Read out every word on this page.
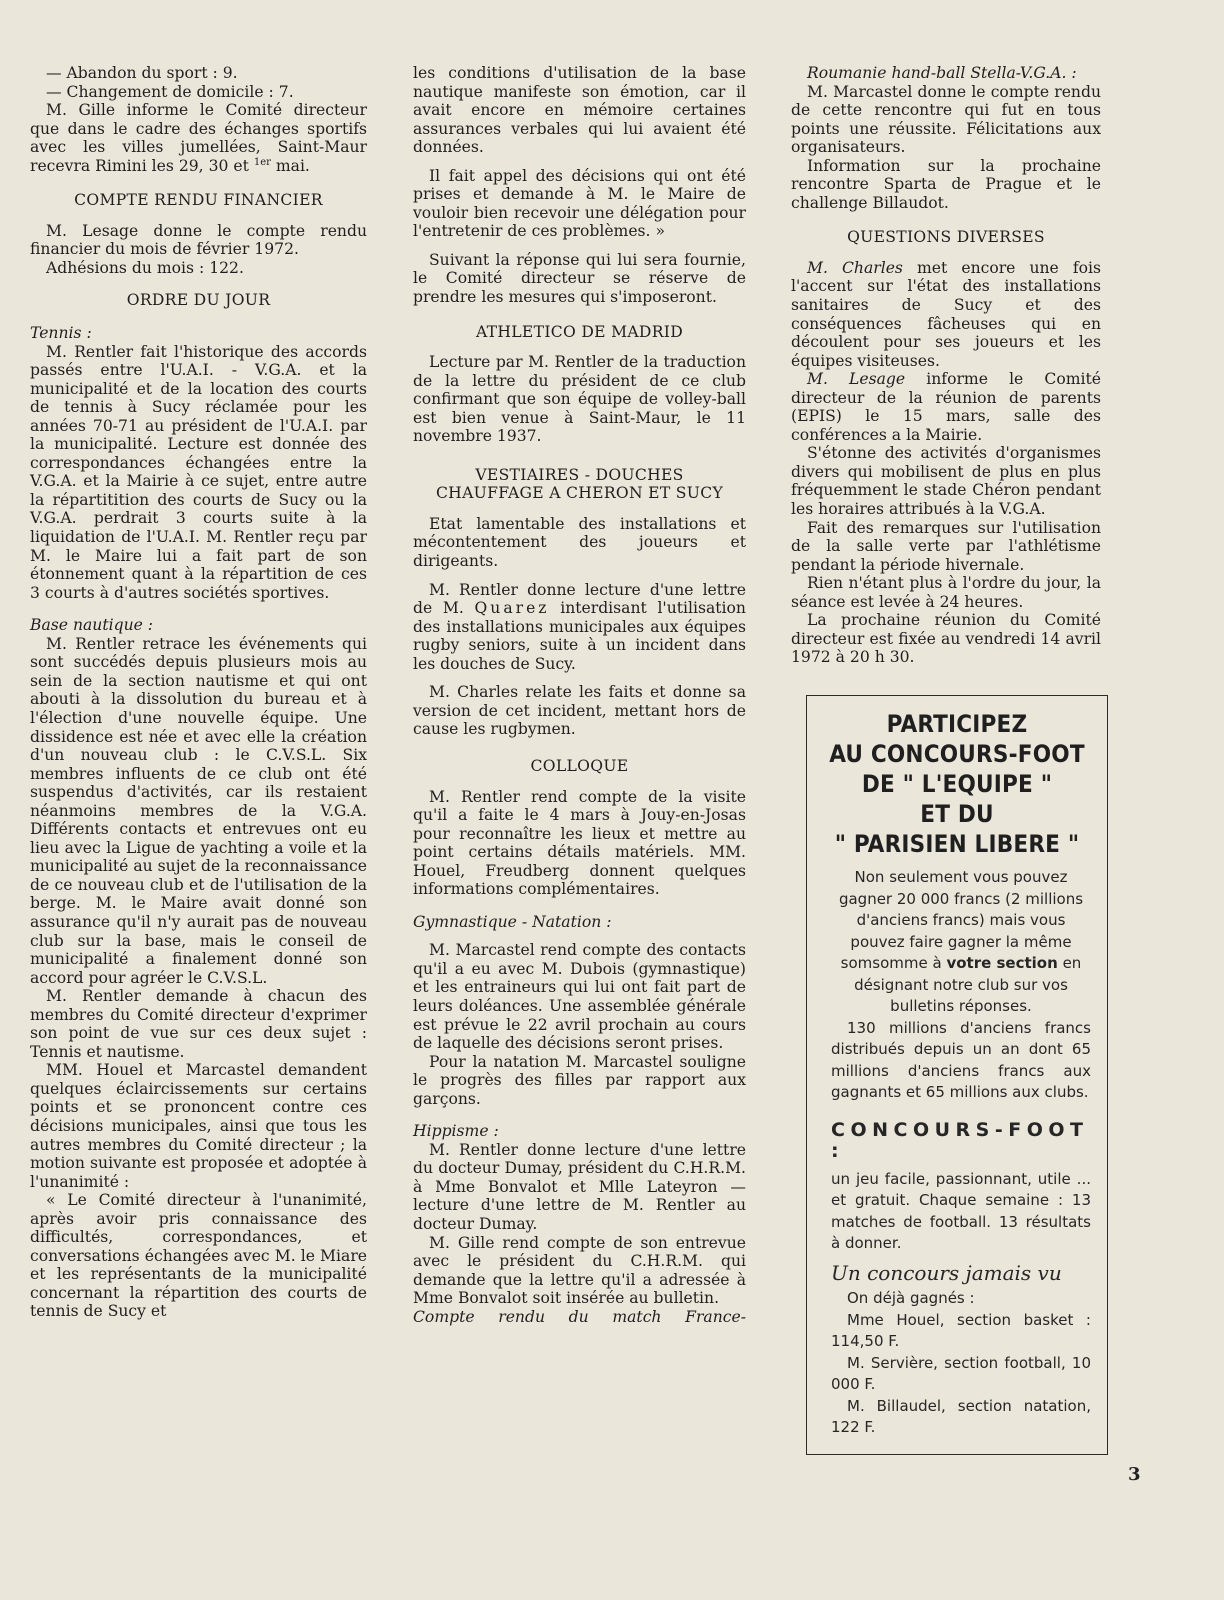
— Abandon du sport : 9.

— Changement de domicile : 7.

M. Gille informe le Comité directeur que dans le cadre des échanges sportifs avec les villes jumellées, Saint-Maur recevra Rimini les 29, 30 et $^{1er}$ mai.

COMPTE RENDU FINANCIER

M. Lesage donne le compte rendu financier du mois de février 1972.

Adhésions du mois : 122.

ORDRE DU JOUR

Tennis :

M. Rentler fait l'historique des accords passés entre l'U.A.I. - V.G.A. et la municipalité et de la location des courts de tennis à Sucy réclamée pour les années 70-71 au président de l'U.A.I. par la municipalité. Lecture est donnée des correspondances échangées entre la V.G.A. et la Mairie à ce sujet, entre autre la répartitition des courts de Sucy ou la V.G.A. perdrait 3 courts suite à la liquidation de l'U.A.I. M. Rentler reçu par M. le Maire lui a fait part de son étonnement quant à la répartition de ces 3 courts à d'autres sociétés sportives.

Base nautique :

M. Rentler retrace les événements qui sont succédés depuis plusieurs mois au sein de la section nautisme et qui ont abouti à la dissolution du bureau et à l'élection d'une nouvelle équipe. Une dissidence est née et avec elle la création d'un nouveau club : le C.V.S.L. Six membres influents de ce club ont été suspendus d'activités, car ils restaient néanmoins membres de la V.G.A. Différents contacts et entrevues ont eu lieu avec la Ligue de yachting a voile et la municipalité au sujet de la reconnaissance de ce nouveau club et de l'utilisation de la berge. M. le Maire avait donné son assurance qu'il n'y aurait pas de nouveau club sur la base, mais le conseil de municipalité a finalement donné son accord pour agréer le C.V.S.L.

M. Rentler demande à chacun des membres du Comité directeur d'exprimer son point de vue sur ces deux sujet : Tennis et nautisme.

MM. Houel et Marcastel demandent quelques éclaircissements sur certains points et se prononcent contre ces décisions municipales, ainsi que tous les autres membres du Comité directeur ; la motion suivante est proposée et adoptée à l'unanimité :

« Le Comité directeur à l'unanimité, après avoir pris connaissance des difficultés, correspondances, et conversations échangées avec M. le Miare et les représentants de la municipalité concernant la répartition des courts de tennis de Sucy et

les conditions d'utilisation de la base nautique manifeste son émotion, car il avait encore en mémoire certaines assurances verbales qui lui avaient été données.

Il fait appel des décisions qui ont été prises et demande à M. le Maire de vouloir bien recevoir une délégation pour l'entretenir de ces problèmes. »

Suivant la réponse qui lui sera fournie, le Comité directeur se réserve de prendre les mesures qui s'imposeront.

ATHLETICO DE MADRID

Lecture par M. Rentler de la traduction de la lettre du président de ce club confirmant que son équipe de volley-ball est bien venue à Saint-Maur, le 11 novembre 1937.

VESTIAIRES - DOUCHES

CHAUFFAGE A CHERON ET SUCY

Etat lamentable des installations et mécontentement des joueurs et dirigeants.

M. Rentler donne lecture d'une lettre de M. Quarez interdisant l'utilisation des installations municipales aux équipes rugby seniors, suite à un incident dans les douches de Sucy.

M. Charles relate les faits et donne sa version de cet incident, mettant hors de cause les rugbymen.

COLLOQUE

M. Rentler rend compte de la visite qu'il a faite le 4 mars à Jouy-en-Josas pour reconnaître les lieux et mettre au point certains détails matériels. MM. Houel, Freudberg donnent quelques informations complémentaires.

Gymnastique - Natation :

M. Marcastel rend compte des contacts qu'il a eu avec M. Dubois (gymnastique) et les entraineurs qui lui ont fait part de leurs doléances. Une assemblée générale est prévue le 22 avril prochain au cours de laquelle des décisions seront prises.

Pour la natation M. Marcastel souligne le progrès des filles par rapport aux garçons.

Hippisme :

M. Rentler donne lecture d'une lettre du docteur Dumay, président du C.H.R.M. à Mme Bonvalot et Mlle Lateyron — lecture d'une lettre de M. Rentler au docteur Dumay.

M. Gille rend compte de son entrevue avec le président du C.H.R.M. qui demande que la lettre qu'il a adressée à Mme Bonvalot soit insérée au bulletin.

Compte rendu du match France-

Roumanie hand-ball Stella-V.G.A. :

M. Marcastel donne le compte rendu de cette rencontre qui fut en tous points une réussite. Félicitations aux organisateurs.

Information sur la prochaine rencontre Sparta de Prague et le challenge Billaudot.

QUESTIONS DIVERSES

M. Charles met encore une fois l'accent sur l'état des installations sanitaires de Sucy et des conséquences fâcheuses qui en découlent pour ses joueurs et les équipes visiteuses.

M. Lesage informe le Comité directeur de la réunion de parents (EPIS) le 15 mars, salle des conférences a la Mairie.

S'étonne des activités d'organismes divers qui mobilisent de plus en plus fréquemment le stade Chéron pendant les horaires attribués à la V.G.A.

Fait des remarques sur l'utilisation de la salle verte par l'athlétisme pendant la période hivernale.

Rien n'étant plus à l'ordre du jour, la séance est levée à 24 heures.

La prochaine réunion du Comité directeur est fixée au vendredi 14 avril 1972 à 20 h 30.

PARTICIPEZ
AU CONCOURS-FOOT
DE " L'EQUIPE "
ET DU
" PARISIEN LIBERE "

Non seulement vous pouvez gagner 20 000 francs (2 millions d'anciens francs) mais vous pouvez faire gagner la même somsomme à votre section en désignant notre club sur vos bulletins réponses.

130 millions d'anciens francs distribués depuis un an dont 65 millions d'anciens francs aux gagnants et 65 millions aux clubs.

CONCOURS-FOOT :

un jeu facile, passionnant, utile ... et gratuit. Chaque semaine : 13 matches de football. 13 résultats à donner.

Un concours jamais vu

On déjà gagnés :

Mme Houel, section basket : 114,50 F.

M. Servière, section football, 10 000 F.

M. Billaudel, section natation, 122 F.

3
